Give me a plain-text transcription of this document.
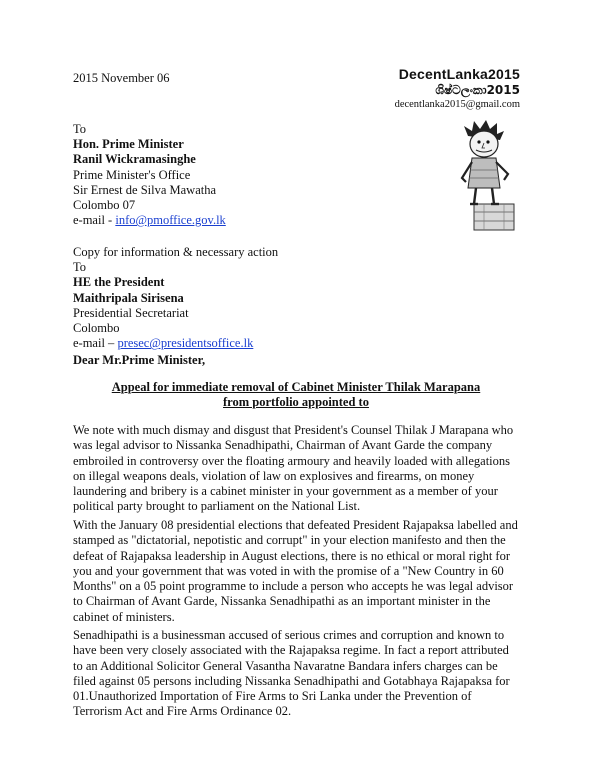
2015 November 06	DecentLanka2015
ශිෂ්ටලංකා2015
decentlanka2015@gmail.com
To
Hon. Prime Minister
Ranil Wickramasinghe
Prime Minister's Office
Sir Ernest de Silva Mawatha
Colombo 07
e-mail - info@pmoffice.gov.lk
Copy for information & necessary action
To
HE the President
Maithripala Sirisena
Presidential Secretariat
Colombo
e-mail – presec@presidentsoffice.lk
Dear Mr.Prime Minister,
Appeal for immediate removal of Cabinet Minister Thilak Marapana
from portfolio appointed to
We note with much dismay and disgust that President's Counsel Thilak J Marapana who was legal advisor to Nissanka Senadhipathi, Chairman of Avant Garde the company embroiled in controversy over the floating armoury and heavily loaded with allegations on illegal weapons deals, violation of law on explosives and firearms, on money laundering and bribery is a cabinet minister in your government as a member of your political party brought to parliament on the National List.
With the January 08 presidential elections that defeated President Rajapaksa labelled and stamped as "dictatorial, nepotistic and corrupt" in your election manifesto and then the defeat of Rajapaksa leadership in August elections, there is no ethical or moral right for you and your government that was voted in with the promise of a "New Country in 60 Months" on a 05 point programme to include a person who accepts he was legal advisor to Chairman of Avant Garde, Nissanka Senadhipathi as an important minister in the cabinet of ministers.
Senadhipathi is a businessman accused of serious crimes and corruption and known to have been very closely associated with the Rajapaksa regime. In fact a report attributed to an Additional Solicitor General Vasantha Navaratne Bandara infers charges can be filed against 05 persons including Nissanka Senadhipathi and Gotabhaya Rajapaksa for 01.Unauthorized Importation of Fire Arms to Sri Lanka under the Prevention of Terrorism Act and Fire Arms Ordinance 02.
